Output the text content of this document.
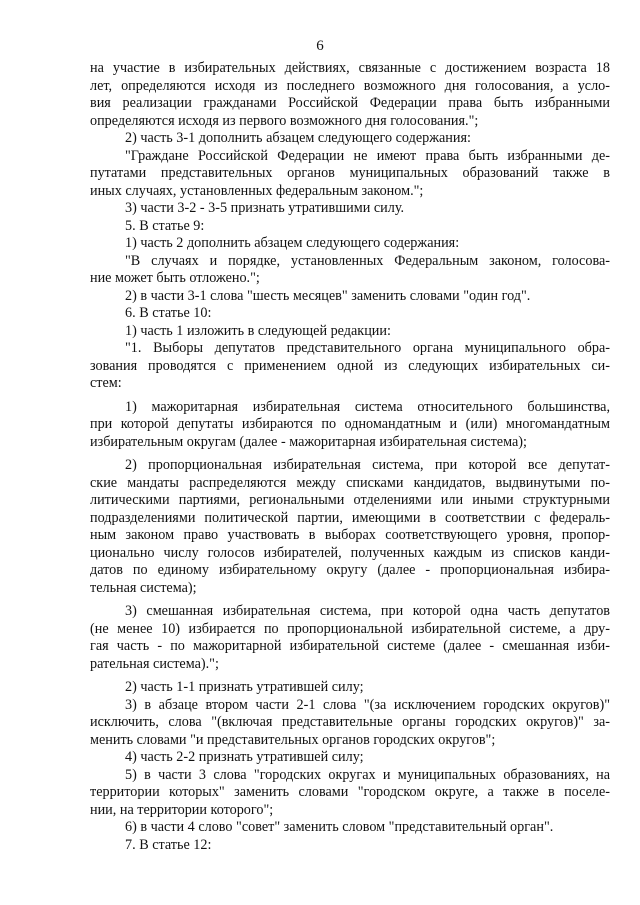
6
на участие в избирательных действиях, связанные с достижением возраста 18
лет, определяются исходя из последнего возможного дня голосования, а усло-
вия реализации гражданами Российской Федерации права быть избранными
определяются исходя из первого возможного дня голосования.";
2) часть 3-1 дополнить абзацем следующего содержания:
"Граждане Российской Федерации не имеют права быть избранными де-
путатами представительных органов муниципальных образований также в
иных случаях, установленных федеральным законом.";
3) части 3-2 - 3-5 признать утратившими силу.
5. В статье 9:
1) часть 2 дополнить абзацем следующего содержания:
"В случаях и порядке, установленных Федеральным законом, голосова-
ние может быть отложено.";
2) в части 3-1 слова "шесть месяцев" заменить словами "один год".
6. В статье 10:
1) часть 1 изложить в следующей редакции:
"1. Выборы депутатов представительного органа муниципального обра-
зования проводятся с применением одной из следующих избирательных си-
стем:
1) мажоритарная избирательная система относительного большинства,
при которой депутаты избираются по одномандатным и (или) многомандатным
избирательным округам (далее - мажоритарная избирательная система);
2) пропорциональная избирательная система, при которой все депутат-
ские мандаты распределяются между списками кандидатов, выдвинутыми по-
литическими партиями, региональными отделениями или иными структурными
подразделениями политической партии, имеющими в соответствии с федераль-
ным законом право участвовать в выборах соответствующего уровня, пропор-
ционально числу голосов избирателей, полученных каждым из списков канди-
датов по единому избирательному округу (далее - пропорциональная избира-
тельная система);
3) смешанная избирательная система, при которой одна часть депутатов
(не менее 10) избирается по пропорциональной избирательной системе, а дру-
гая часть - по мажоритарной избирательной системе (далее - смешанная изби-
рательная система).";
2) часть 1-1 признать утратившей силу;
3) в абзаце втором части 2-1 слова "(за исключением городских округов)"
исключить, слова "(включая представительные органы городских округов)" за-
менить словами "и представительных органов городских округов";
4) часть 2-2 признать утратившей силу;
5) в части 3 слова "городских округах и муниципальных образованиях, на
территории которых" заменить словами "городском округе, а также в поселе-
нии, на территории которого";
6) в части 4 слово "совет" заменить словом "представительный орган".
7. В статье 12:
